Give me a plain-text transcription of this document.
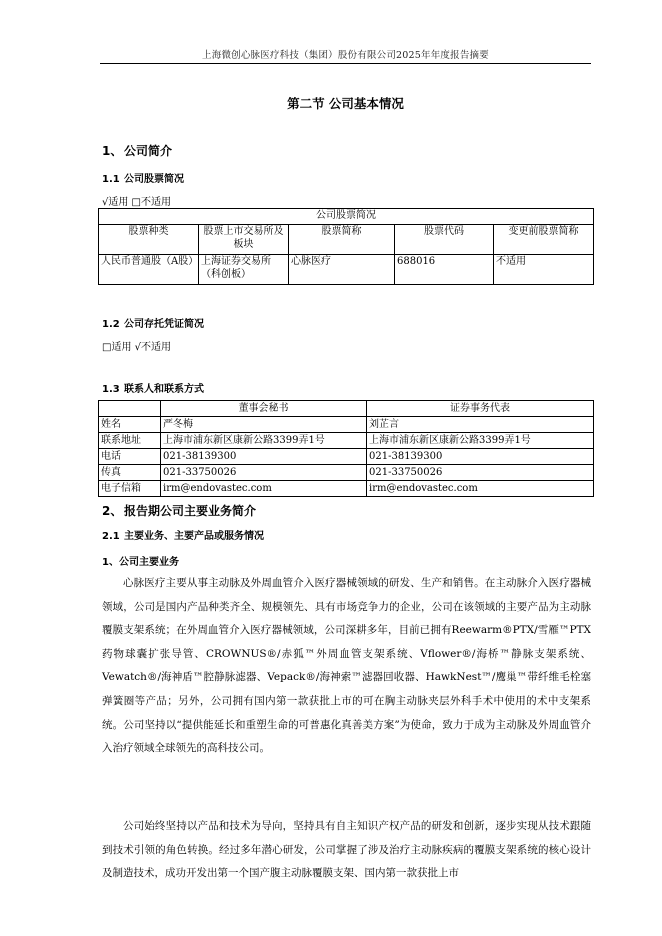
上海微创心脉医疗科技（集团）股份有限公司2025年年度报告摘要
第二节 公司基本情况
1、 公司简介
1.1 公司股票简况
√适用 □不适用
公司股票简况				
股票种类	股票上市交易所及板块	股票简称	股票代码	变更前股票简称
人民币普通股（A股）	上海证券交易所（科创板）	心脉医疗	688016	不适用
1.2 公司存托凭证简况
□适用 √不适用
1.3 联系人和联系方式
	董事会秘书	证券事务代表
姓名	严冬梅	刘芷言
联系地址	上海市浦东新区康新公路3399弄1号	上海市浦东新区康新公路3399弄1号
电话	021-38139300	021-38139300
传真	021-33750026	021-33750026
电子信箱	irm@endovastec.com	irm@endovastec.com
2、 报告期公司主要业务简介
2.1 主要业务、主要产品或服务情况
1、公司主要业务

心脉医疗主要从事主动脉及外周血管介入医疗器械领域的研发、生产和销售。在主动脉介入医疗器械领域，公司是国内产品种类齐全、规模领先、具有市场竞争力的企业，公司在该领域的主要产品为主动脉覆膜支架系统；在外周血管介入医疗器械领域，公司深耕多年，目前已拥有Reewarm®PTX/雪雁™PTX药物球囊扩张导管、CROWNUS®/赤狐™外周血管支架系统、Vflower®/海桥™静脉支架系统、Vewatch®/海神盾™腔静脉滤器、Vepack®/海神索™滤器回收器、HawkNest™/鹰巢™带纤维毛栓塞弹簧圈等产品；另外，公司拥有国内第一款获批上市的可在胸主动脉夹层外科手术中使用的术中支架系统。公司坚持以“提供能延长和重塑生命的可普惠化真善美方案”为使命，致力于成为主动脉及外周血管介入治疗领域全球领先的高科技公司。

公司始终坚持以产品和技术为导向，坚持具有自主知识产权产品的研发和创新，逐步实现从技术跟随到技术引领的角色转换。经过多年潜心研发，公司掌握了涉及治疗主动脉疾病的覆膜支架系统的核心设计及制造技术，成功开发出第一个国产腹主动脉覆膜支架、国内第一款获批上市
